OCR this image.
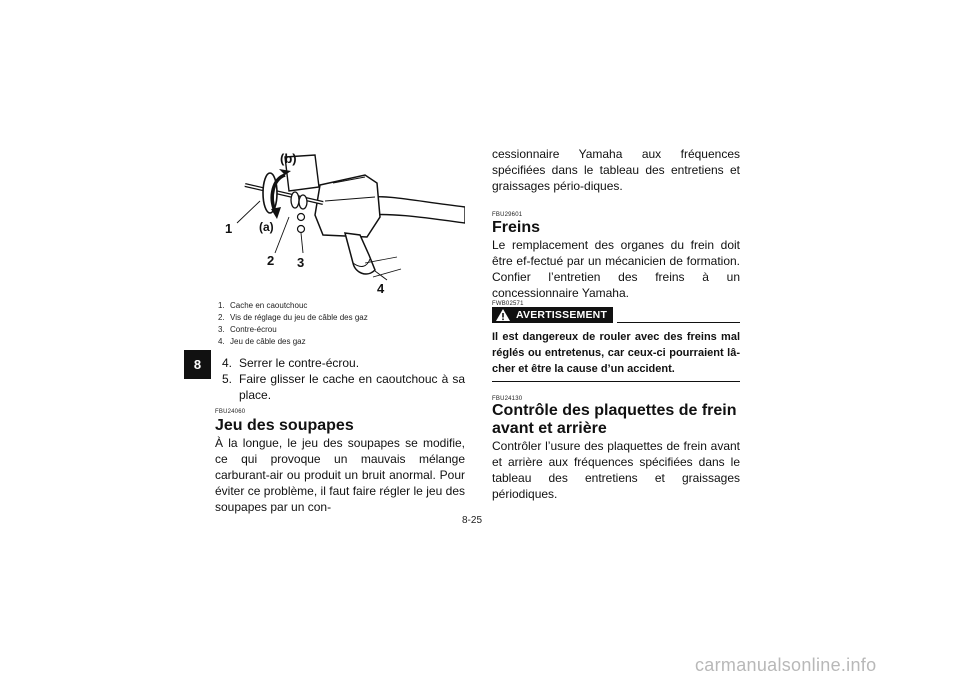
8
(b)
(a)
1
2 3
4
1. Cache en caoutchouc
2. Vis de réglage du jeu de câble des gaz
3. Contre-écrou
4. Jeu de câble des gaz
4. Serrer le contre-écrou.
5. Faire glisser le cache en caoutchouc à sa place.
FBU24060
Jeu des soupapes
À la longue, le jeu des soupapes se modifie, ce qui provoque un mauvais mélange carburant-air ou produit un bruit anormal. Pour éviter ce problème, il faut faire régler le jeu des soupapes par un con-
cessionnaire Yamaha aux fréquences spécifiées dans le tableau des entretiens et graissages pério-diques.
FBU29601
Freins
Le remplacement des organes du frein doit être ef-fectué par un mécanicien de formation. Confier l’entretien des freins à un concessionnaire Yamaha.
FWB02571
AVERTISSEMENT
Il est dangereux de rouler avec des freins mal réglés ou entretenus, car ceux-ci pourraient lâ-cher et être la cause d’un accident.
FBU24130
Contrôle des plaquettes de frein avant et arrière
Contrôler l’usure des plaquettes de frein avant et arrière aux fréquences spécifiées dans le tableau des entretiens et graissages périodiques.
8-25
carmanualsonline.info
